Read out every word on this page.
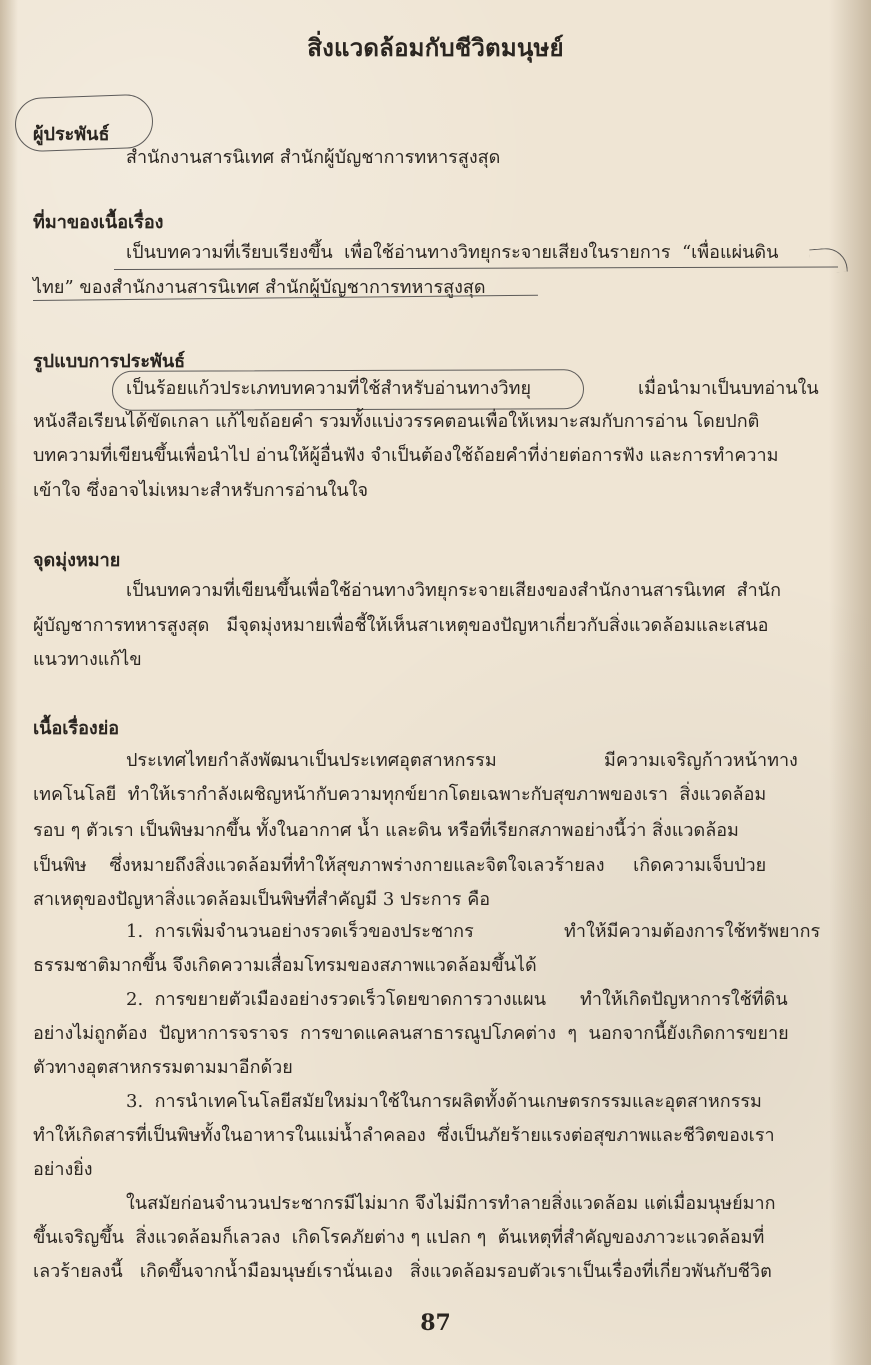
สิ่งแวดล้อมกับชีวิตมนุษย์
ผู้ประพันธ์
สำนักงานสารนิเทศ สำนักผู้บัญชาการทหารสูงสุด
ที่มาของเนื้อเรื่อง
เป็นบทความที่เรียบเรียงขึ้น  เพื่อใช้อ่านทางวิทยุกระจายเสียงในรายการ  “เพื่อแผ่นดิน
ไทย” ของสำนักงานสารนิเทศ สำนักผู้บัญชาการทหารสูงสุด
รูปแบบการประพันธ์
เป็นร้อยแก้วประเภทบทความที่ใช้สำหรับอ่านทางวิทยุ	เมื่อนำมาเป็นบทอ่านใน
หนังสือเรียนได้ขัดเกลา แก้ไขถ้อยคำ รวมทั้งแบ่งวรรคตอนเพื่อให้เหมาะสมกับการอ่าน โดยปกติ
บทความที่เขียนขึ้นเพื่อนำไป อ่านให้ผู้อื่นฟัง จำเป็นต้องใช้ถ้อยคำที่ง่ายต่อการฟัง และการทำความ
เข้าใจ ซึ่งอาจไม่เหมาะสำหรับการอ่านในใจ
จุดมุ่งหมาย
เป็นบทความที่เขียนขึ้นเพื่อใช้อ่านทางวิทยุกระจายเสียงของสำนักงานสารนิเทศ  สำนัก
ผู้บัญชาการทหารสูงสุด   มีจุดมุ่งหมายเพื่อชี้ให้เห็นสาเหตุของปัญหาเกี่ยวกับสิ่งแวดล้อมและเสนอ
แนวทางแก้ไข
เนื้อเรื่องย่อ
ประเทศไทยกำลังพัฒนาเป็นประเทศอุตสาหกรรม	มีความเจริญก้าวหน้าทาง
เทคโนโลยี  ทำให้เรากำลังเผชิญหน้ากับความทุกข์ยากโดยเฉพาะกับสุขภาพของเรา  สิ่งแวดล้อม
รอบ ๆ ตัวเรา เป็นพิษมากขึ้น ทั้งในอากาศ น้ำ และดิน หรือที่เรียกสภาพอย่างนี้ว่า สิ่งแวดล้อม
เป็นพิษ    ซึ่งหมายถึงสิ่งแวดล้อมที่ทำให้สุขภาพร่างกายและจิตใจเลวร้ายลง     เกิดความเจ็บป่วย
สาเหตุของปัญหาสิ่งแวดล้อมเป็นพิษที่สำคัญมี 3 ประการ คือ
1.  การเพิ่มจำนวนอย่างรวดเร็วของประชากร	ทำให้มีความต้องการใช้ทรัพยากร
ธรรมชาติมากขึ้น จึงเกิดความเสื่อมโทรมของสภาพแวดล้อมขึ้นได้
2.  การขยายตัวเมืองอย่างรวดเร็วโดยขาดการวางแผน ทำให้เกิดปัญหาการใช้ที่ดิน
อย่างไม่ถูกต้อง  ปัญหาการจราจร  การขาดแคลนสาธารณูปโภคต่าง  ๆ  นอกจากนี้ยังเกิดการขยาย
ตัวทางอุตสาหกรรมตามมาอีกด้วย
3.  การนำเทคโนโลยีสมัยใหม่มาใช้ในการผลิตทั้งด้านเกษตรกรรมและอุตสาหกรรม
ทำให้เกิดสารที่เป็นพิษทั้งในอาหารในแม่น้ำลำคลอง  ซึ่งเป็นภัยร้ายแรงต่อสุขภาพและชีวิตของเรา
อย่างยิ่ง
ในสมัยก่อนจำนวนประชากรมีไม่มาก จึงไม่มีการทำลายสิ่งแวดล้อม แต่เมื่อมนุษย์มาก
ขึ้นเจริญขึ้น  สิ่งแวดล้อมก็เลวลง  เกิดโรคภัยต่าง ๆ แปลก ๆ  ต้นเหตุที่สำคัญของภาวะแวดล้อมที่
เลวร้ายลงนี้   เกิดขึ้นจากน้ำมือมนุษย์เรานั่นเอง   สิ่งแวดล้อมรอบตัวเราเป็นเรื่องที่เกี่ยวพันกับชีวิต
87
